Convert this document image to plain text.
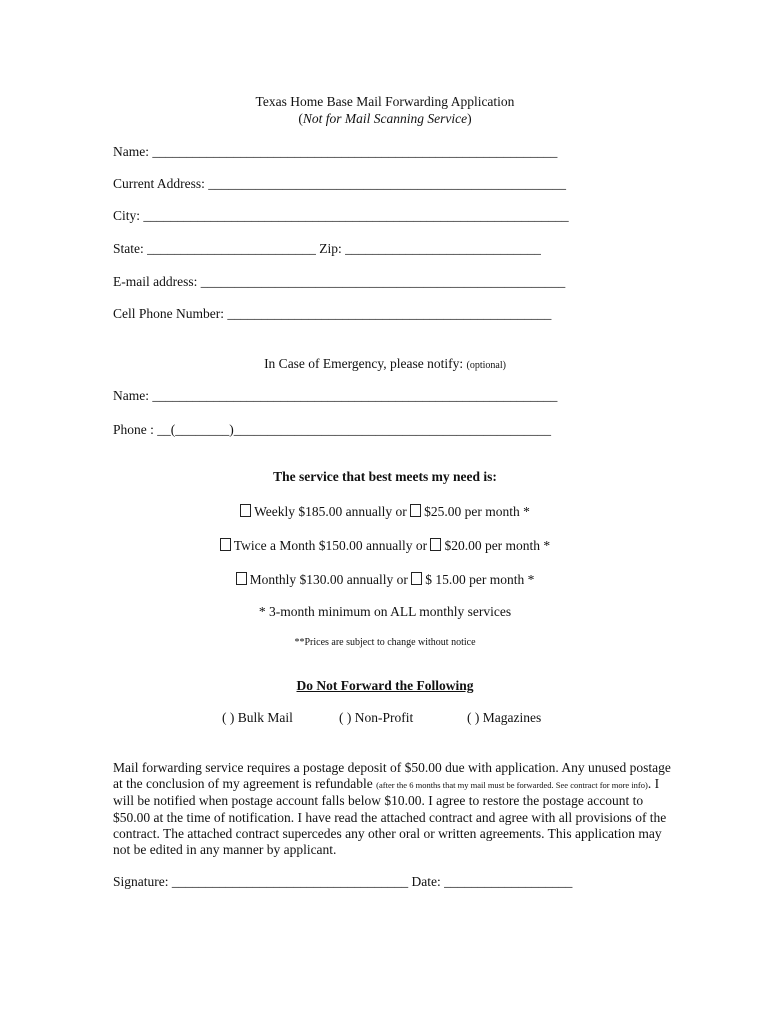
Texas Home Base Mail Forwarding Application
(Not for Mail Scanning Service)
Name: ____________________________________________________________
Current Address: _____________________________________________________
City: _______________________________________________________________
State: _________________________ Zip: _____________________________
E-mail address: ______________________________________________________
Cell Phone Number: ________________________________________________
In Case of Emergency, please notify: (optional)
Name: ____________________________________________________________
Phone : __(________)_______________________________________________
The service that best meets my need is:
Weekly $185.00 annually or $25.00 per month *
Twice a Month $150.00 annually or $20.00 per month *
Monthly $130.00 annually or $ 15.00 per month *
* 3-month minimum on ALL monthly services
**Prices are subject to change without notice
Do Not Forward the Following
( ) Bulk Mail	( ) Non-Profit	( ) Magazines
Mail forwarding service requires a postage deposit of $50.00 due with application. Any unused postage at the conclusion of my agreement is refundable (after the 6 months that my mail must be forwarded. See contract for more info). I will be notified when postage account falls below $10.00. I agree to restore the postage account to $50.00 at the time of notification. I have read the attached contract and agree with all provisions of the contract. The attached contract supercedes any other oral or written agreements. This application may not be edited in any manner by applicant.
Signature: ___________________________________ Date: ___________________
